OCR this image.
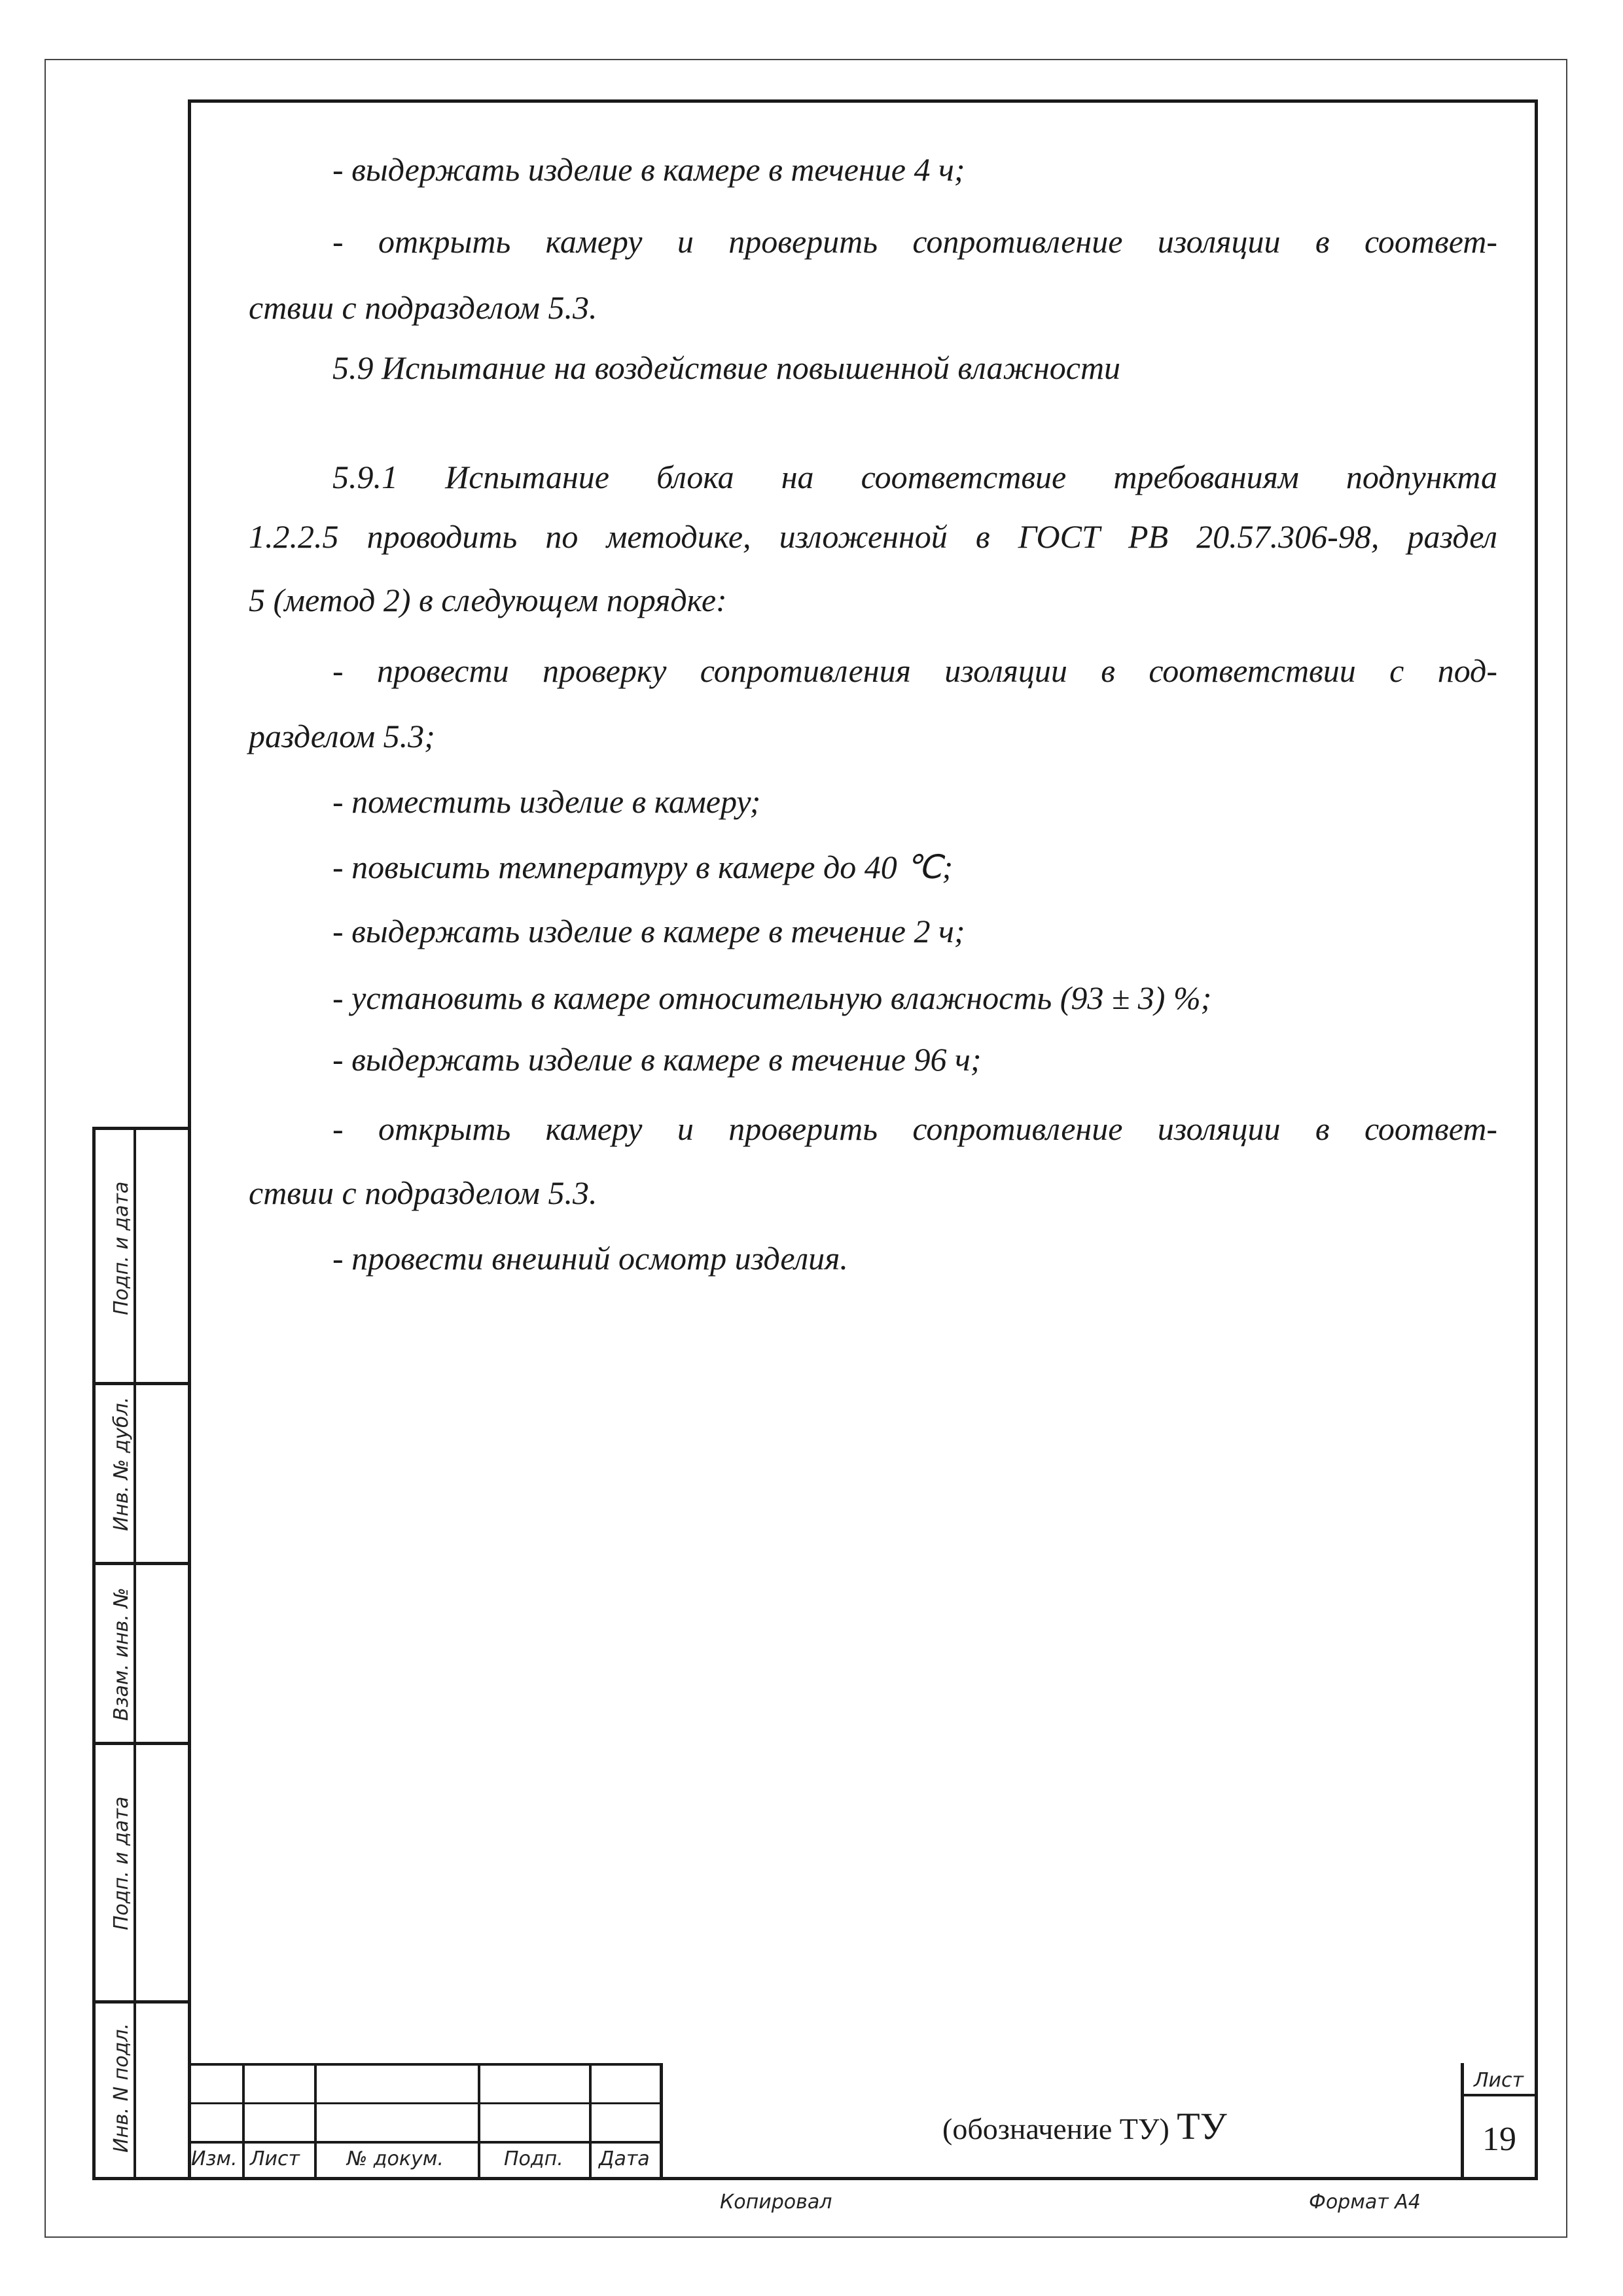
Подп. и дата
Инв. № дубл.
Взам. инв. №
Подп. и дата
Инв. N подл.
- выдержать изделие в камере в течение 4 ч;
- открыть камеру и проверить сопротивление изоляции в соответ-
ствии с подразделом 5.3.
5.9 Испытание на воздействие повышенной влажности
5.9.1 Испытание блока на соответствие требованиям подпункта
1.2.2.5 проводить по методике, изложенной в ГОСТ РВ 20.57.306-98, раздел
5 (метод 2) в следующем порядке:
- провести проверку сопротивления изоляции в соответствии с под-
разделом 5.3;
- поместить изделие в камеру;
- повысить температуру в камере до 40 ℃;
- выдержать изделие в камере в течение 2 ч;
- установить в камере относительную влажность (93 ± 3) %;
- выдержать изделие в камере в течение 96 ч;
- открыть камеру и проверить сопротивление изоляции в соответ-
ствии с подразделом 5.3.
- провести внешний осмотр изделия.
Изм. Лист № докум.	Подп. Дата
(обозначение ТУ) ТУ
Лист
19
Копировал	Формат А4
